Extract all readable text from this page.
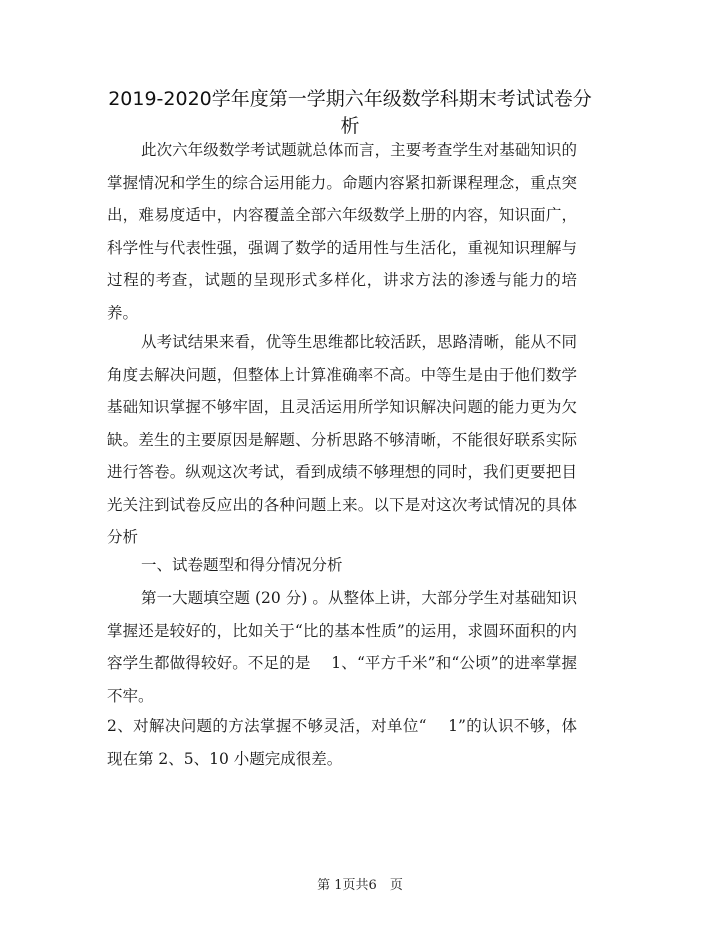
2019-2020学年度第一学期六年级数学科期末考试试卷分析

此次六年级数学考试题就总体而言，主要考查学生对基础知识的掌握情况和学生的综合运用能力。命题内容紧扣新课程理念，重点突出，难易度适中，内容覆盖全部六年级数学上册的内容，知识面广，科学性与代表性强，强调了数学的适用性与生活化，重视知识理解与过程的考查，试题的呈现形式多样化，讲求方法的渗透与能力的培养。

从考试结果来看，优等生思维都比较活跃，思路清晰，能从不同角度去解决问题，但整体上计算准确率不高。中等生是由于他们数学基础知识掌握不够牢固，且灵活运用所学知识解决问题的能力更为欠缺。差生的主要原因是解题、分析思路不够清晰，不能很好联系实际进行答卷。纵观这次考试，看到成绩不够理想的同时，我们更要把目光关注到试卷反应出的各种问题上来。以下是对这次考试情况的具体分析

一、试卷题型和得分情况分析

第一大题填空题 (20 分) 。从整体上讲，大部分学生对基础知识掌握还是较好的，比如关于“比的基本性质”的运用，求圆环面积的内容学生都做得较好。不足的是　 1、“平方千米”和“公顷”的进率掌握不牢。

2、对解决问题的方法掌握不够灵活，对单位“　 1”的认识不够，体现在第 2、5、10 小题完成很差。

第 1页共6　页
